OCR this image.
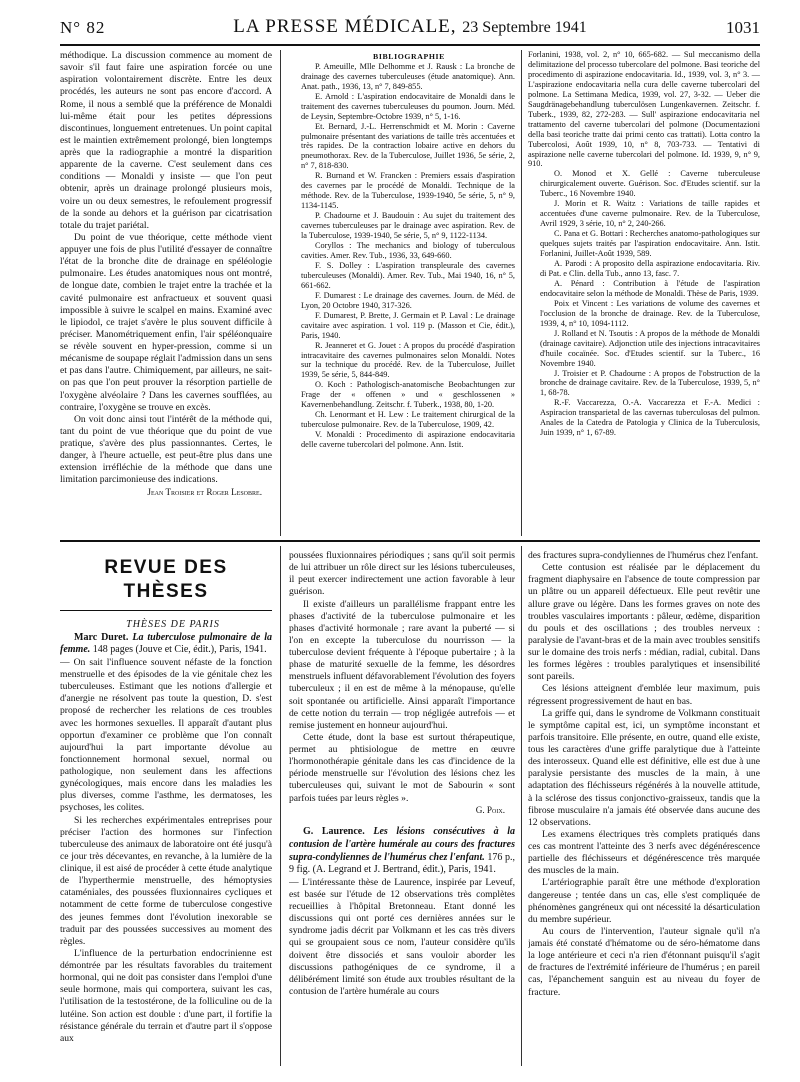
N° 82	LA PRESSE MÉDICALE, 23 Septembre 1941	1031

méthodique. La discussion commence au moment de savoir s'il faut faire une aspiration forcée ou une aspiration volontairement discrète. Entre les deux procédés, les auteurs ne sont pas encore d'accord. A Rome, il nous a semblé que la préférence de Monaldi lui-même était pour les petites dépressions discontinues, longuement entretenues. Un point capital est le maintien extrêmement prolongé, bien longtemps après que la radiographie a montré la disparition apparente de la caverne. C'est seulement dans ces conditions — Monaldi y insiste — que l'on peut obtenir, après un drainage prolongé plusieurs mois, voire un ou deux semestres, le refoulement progressif de la sonde au dehors et la guérison par cicatrisation totale du trajet pariétal.

Du point de vue théorique, cette méthode vient appuyer une fois de plus l'utilité d'essayer de connaître l'état de la bronche dite de drainage en spéléologie pulmonaire. Les études anatomiques nous ont montré, de longue date, combien le trajet entre la trachée et la cavité pulmonaire est anfractueux et souvent quasi impossible à suivre le scalpel en mains. Examiné avec le lipiodol, ce trajet s'avère le plus souvent difficile à préciser. Manométriquement enfin, l'air spéléonquaire se révèle souvent en hyper-pression, comme si un mécanisme de soupape réglait l'admission dans un sens et pas dans l'autre. Chimiquement, par ailleurs, ne sait-on pas que l'on peut prouver la résorption partielle de l'oxygène alvéolaire ? Dans les cavernes soufflées, au contraire, l'oxygène se trouve en excès.

On voit donc ainsi tout l'intérêt de la méthode qui, tant du point de vue théorique que du point de vue pratique, s'avère des plus passionnantes. Certes, le danger, à l'heure actuelle, est peut-être plus dans une extension irréfléchie de la méthode que dans une limitation parcimonieuse des indications.

Jean Troisier et Roger Lesobre.

BIBLIOGRAPHIE

P. Ameuille, Mlle Delhomme et J. Rausk : La bronche de drainage des cavernes tuberculeuses (étude anatomique). Ann. Anat. path., 1936, 13, n° 7, 849-855.

E. Arnold : L'aspiration endocavitaire de Monaldi dans le traitement des cavernes tuberculeuses du poumon. Journ. Méd. de Leysin, Septembre-Octobre 1939, n° 5, 1-16.

Et. Bernard, J.-L. Herrenschmidt et M. Morin : Caverne pulmonaire présentant des variations de taille très accentuées et très rapides. De la contraction lobaire active en dehors du pneumothorax. Rev. de la Tuberculose, Juillet 1936, 5e série, 2, n° 7, 818-830.

R. Burnand et W. Francken : Premiers essais d'aspiration des cavernes par le procédé de Monaldi. Technique de la méthode. Rev. de la Tuberculose, 1939-1940, 5e série, 5, n° 9, 1134-1145.

P. Chadourne et J. Baudouin : Au sujet du traitement des cavernes tuberculeuses par le drainage avec aspiration. Rev. de la Tuberculose, 1939-1940, 5e série, 5, n° 9, 1122-1134.

Coryllos : The mechanics and biology of tuberculous cavities. Amer. Rev. Tub., 1936, 33, 649-660.

F. S. Dolley : L'aspiration transpleurale des cavernes tuberculeuses (Monaldi). Amer. Rev. Tub., Mai 1940, 16, n° 5, 661-662.

F. Dumarest : Le drainage des cavernes. Journ. de Méd. de Lyon, 20 Octobre 1940, 317-326.

F. Dumarest, P. Brette, J. Germain et P. Laval : Le drainage cavitaire avec aspiration. 1 vol. 119 p. (Masson et Cie, édit.), Paris, 1940.

R. Jeanneret et G. Jouet : A propos du procédé d'aspiration intracavitaire des cavernes pulmonaires selon Monaldi. Notes sur la technique du procédé. Rev. de la Tuberculose, Juillet 1939, 5e série, 5, 844-849.

O. Koch : Pathologisch-anatomische Beobachtungen zur Frage der « offenen » und « geschlossenen » Kavernenbehandlung. Zeitschr. f. Tuberk., 1938, 80, 1-20.

Ch. Lenormant et H. Lew : Le traitement chirurgical de la tuberculose pulmonaire. Rev. de la Tuberculose, 1909, 42.

V. Monaldi : Procedimento di aspirazione endocavitaria delle caverne tubercolari del polmone. Ann. Istit.

Forlanini, 1938, vol. 2, n° 10, 665-682. — Sul meccanismo della delimitazione del processo tubercolare del polmone. Basi teoriche del procedimento di aspirazione endocavitaria. Id., 1939, vol. 3, n° 3. — L'aspirazione endocavitaria nella cura delle caverne tubercolari del polmone. La Settimana Medica, 1939, vol. 27, 3-32. — Ueber die Saugdränagebehandlung tuberculösen Lungenkavernen. Zeitschr. f. Tuberk., 1939, 82, 272-283. — Sull' aspirazione endocavitaria nel trattamento del caverne tubercolari del polmone (Documentazioni della basi teoriche tratte dai primi cento cas trattati). Lotta contro la Tubercolosi, Août 1939, 10, n° 8, 703-733. — Tentativi di aspirazione nelle caverne tubercolari del polmone. Id. 1939, 9, n° 9, 910.

O. Monod et X. Gellé : Caverne tuberculeuse chirurgicalement ouverte. Guérison. Soc. d'Etudes scientif. sur la Tuberc., 16 Novembre 1940.

J. Morin et R. Waitz : Variations de taille rapides et accentuées d'une caverne pulmonaire. Rev. de la Tuberculose, Avril 1929, 3 série, 10, n° 2, 240-266.

C. Pana et G. Bottari : Recherches anatomo-pathologiques sur quelques sujets traités par l'aspiration endocavitaire. Ann. Istit. Forlanini, Juillet-Août 1939, 589.

A. Parodi : A proposito della aspirazione endocavitaria. Riv. di Pat. e Clin. della Tub., anno 13, fasc. 7.

A. Pénard : Contribution à l'étude de l'aspiration endocavitaire selon la méthode de Monaldi. Thèse de Paris, 1939.

Poix et Vincent : Les variations de volume des cavernes et l'occlusion de la bronche de drainage. Rev. de la Tuberculose, 1939, 4, n° 10, 1094-1112.

J. Rolland et N. Tsoutis : A propos de la méthode de Monaldi (drainage cavitaire). Adjonction utile des injections intracavitaires d'huile cocaïnée. Soc. d'Etudes scientif. sur la Tuberc., 16 Novembre 1940.

J. Troisier et P. Chadourne : A propos de l'obstruction de la bronche de drainage cavitaire. Rev. de la Tuberculose, 1939, 5, n° 1, 68-78.

R.-F. Vaccarezza, O.-A. Vaccarezza et F.-A. Medici : Aspiracion transparietal de las cavernas tuberculosas del pulmon. Anales de la Catedra de Patologia y Clinica de la Tuberculosis, Juin 1939, n° 1, 67-89.

REVUE DES THÈSES

THÈSES DE PARIS

Marc Duret. La tuberculose pulmonaire de la femme. 148 pages (Jouve et Cie, édit.), Paris, 1941.

— On sait l'influence souvent néfaste de la fonction menstruelle et des épisodes de la vie génitale chez les tuberculeuses. Estimant que les notions d'allergie et d'anergie ne résolvent pas toute la question, D. s'est proposé de rechercher les relations de ces troubles avec les hormones sexuelles. Il apparaît d'autant plus opportun d'examiner ce problème que l'on connaît aujourd'hui la part importante dévolue au fonctionnement hormonal sexuel, normal ou pathologique, non seulement dans les affections gynécologiques, mais encore dans les maladies les plus diverses, comme l'asthme, les dermatoses, les psychoses, les colites.

Si les recherches expérimentales entreprises pour préciser l'action des hormones sur l'infection tuberculeuse des animaux de laboratoire ont été jusqu'à ce jour très décevantes, en revanche, à la lumière de la clinique, il est aisé de procéder à cette étude analytique de l'hyperthermie menstruelle, des hémoptysies cataméniales, des poussées fluxionnaires cycliques et notamment de cette forme de tuberculose congestive des jeunes femmes dont l'évolution inexorable se traduit par des poussées successives au moment des règles.

L'influence de la perturbation endocrinienne est démontrée par les résultats favorables du traitement hormonal, qui ne doit pas consister dans l'emploi d'une seule hormone, mais qui comportera, suivant les cas, l'utilisation de la testostérone, de la folliculine ou de la lutéine. Son action est double : d'une part, il fortifie la résistance générale du terrain et d'autre part il s'oppose aux

poussées fluxionnaires périodiques ; sans qu'il soit permis de lui attribuer un rôle direct sur les lésions tuberculeuses, il peut exercer indirectement une action favorable à leur guérison.

Il existe d'ailleurs un parallélisme frappant entre les phases d'activité de la tuberculose pulmonaire et les phases d'activité hormonale ; rare avant la puberté — si l'on en excepte la tuberculose du nourrisson — la tuberculose devient fréquente à l'époque pubertaire ; à la phase de maturité sexuelle de la femme, les désordres menstruels influent défavorablement l'évolution des foyers tuberculeux ; il en est de même à la ménopause, qu'elle soit spontanée ou artificielle. Ainsi apparaît l'importance de cette notion du terrain — trop négligée autrefois — et remise justement en honneur aujourd'hui.

Cette étude, dont la base est surtout thérapeutique, permet au phtisiologue de mettre en œuvre l'hormonothérapie génitale dans les cas d'incidence de la période menstruelle sur l'évolution des lésions chez les tuberculeuses qui, suivant le mot de Sabourin « sont parfois tuées par leurs règles ».

G. Poix.

G. Laurence. Les lésions consécutives à la contusion de l'artère humérale au cours des fractures supra-condyliennes de l'humérus chez l'enfant. 176 p., 9 fig. (A. Legrand et J. Bertrand, édit.), Paris, 1941.

— L'intéressante thèse de Laurence, inspirée par Leveuf, est basée sur l'étude de 12 observations très complètes recueillies à l'hôpital Bretonneau. Etant donné les discussions qui ont porté ces dernières années sur le syndrome jadis décrit par Volkmann et les cas très divers qui se groupaient sous ce nom, l'auteur considère qu'ils doivent être dissociés et sans vouloir aborder les discussions pathogéniques de ce syndrome, il a délibérément limité son étude aux troubles résultant de la contusion de l'artère humérale au cours

des fractures supra-condyliennes de l'humérus chez l'enfant.

Cette contusion est réalisée par le déplacement du fragment diaphysaire en l'absence de toute compression par un plâtre ou un appareil défectueux. Elle peut revêtir une allure grave ou légère. Dans les formes graves on note des troubles vasculaires importants : pâleur, œdème, disparition du pouls et des oscillations ; des troubles nerveux : paralysie de l'avant-bras et de la main avec troubles sensitifs sur le domaine des trois nerfs : médian, radial, cubital. Dans les formes légères : troubles paralytiques et insensibilité sont pareils.

Ces lésions atteignent d'emblée leur maximum, puis régressent progressivement de haut en bas.

La griffe qui, dans le syndrome de Volkmann constituait le symptôme capital est, ici, un symptôme inconstant et parfois transitoire. Elle présente, en outre, quand elle existe, tous les caractères d'une griffe paralytique due à l'atteinte des interosseux. Quand elle est définitive, elle est due à une paralysie persistante des muscles de la main, à une adaptation des fléchisseurs régénérés à la nouvelle attitude, à la sclérose des tissus conjonctivo-graisseux, tandis que la fibrose musculaire n'a jamais été observée dans aucune des 12 observations.

Les examens électriques très complets pratiqués dans ces cas montrent l'atteinte des 3 nerfs avec dégénérescence partielle des fléchisseurs et dégénérescence très marquée des muscles de la main.

L'artériographie paraît être une méthode d'exploration dangereuse ; tentée dans un cas, elle s'est compliquée de phénomènes gangréneux qui ont nécessité la désarticulation du membre supérieur.

Au cours de l'intervention, l'auteur signale qu'il n'a jamais été constaté d'hématome ou de séro-hématome dans la loge antérieure et ceci n'a rien d'étonnant puisqu'il s'agit de fractures de l'extrémité inférieure de l'humérus ; en pareil cas, l'épanchement sanguin est au niveau du foyer de fracture.
